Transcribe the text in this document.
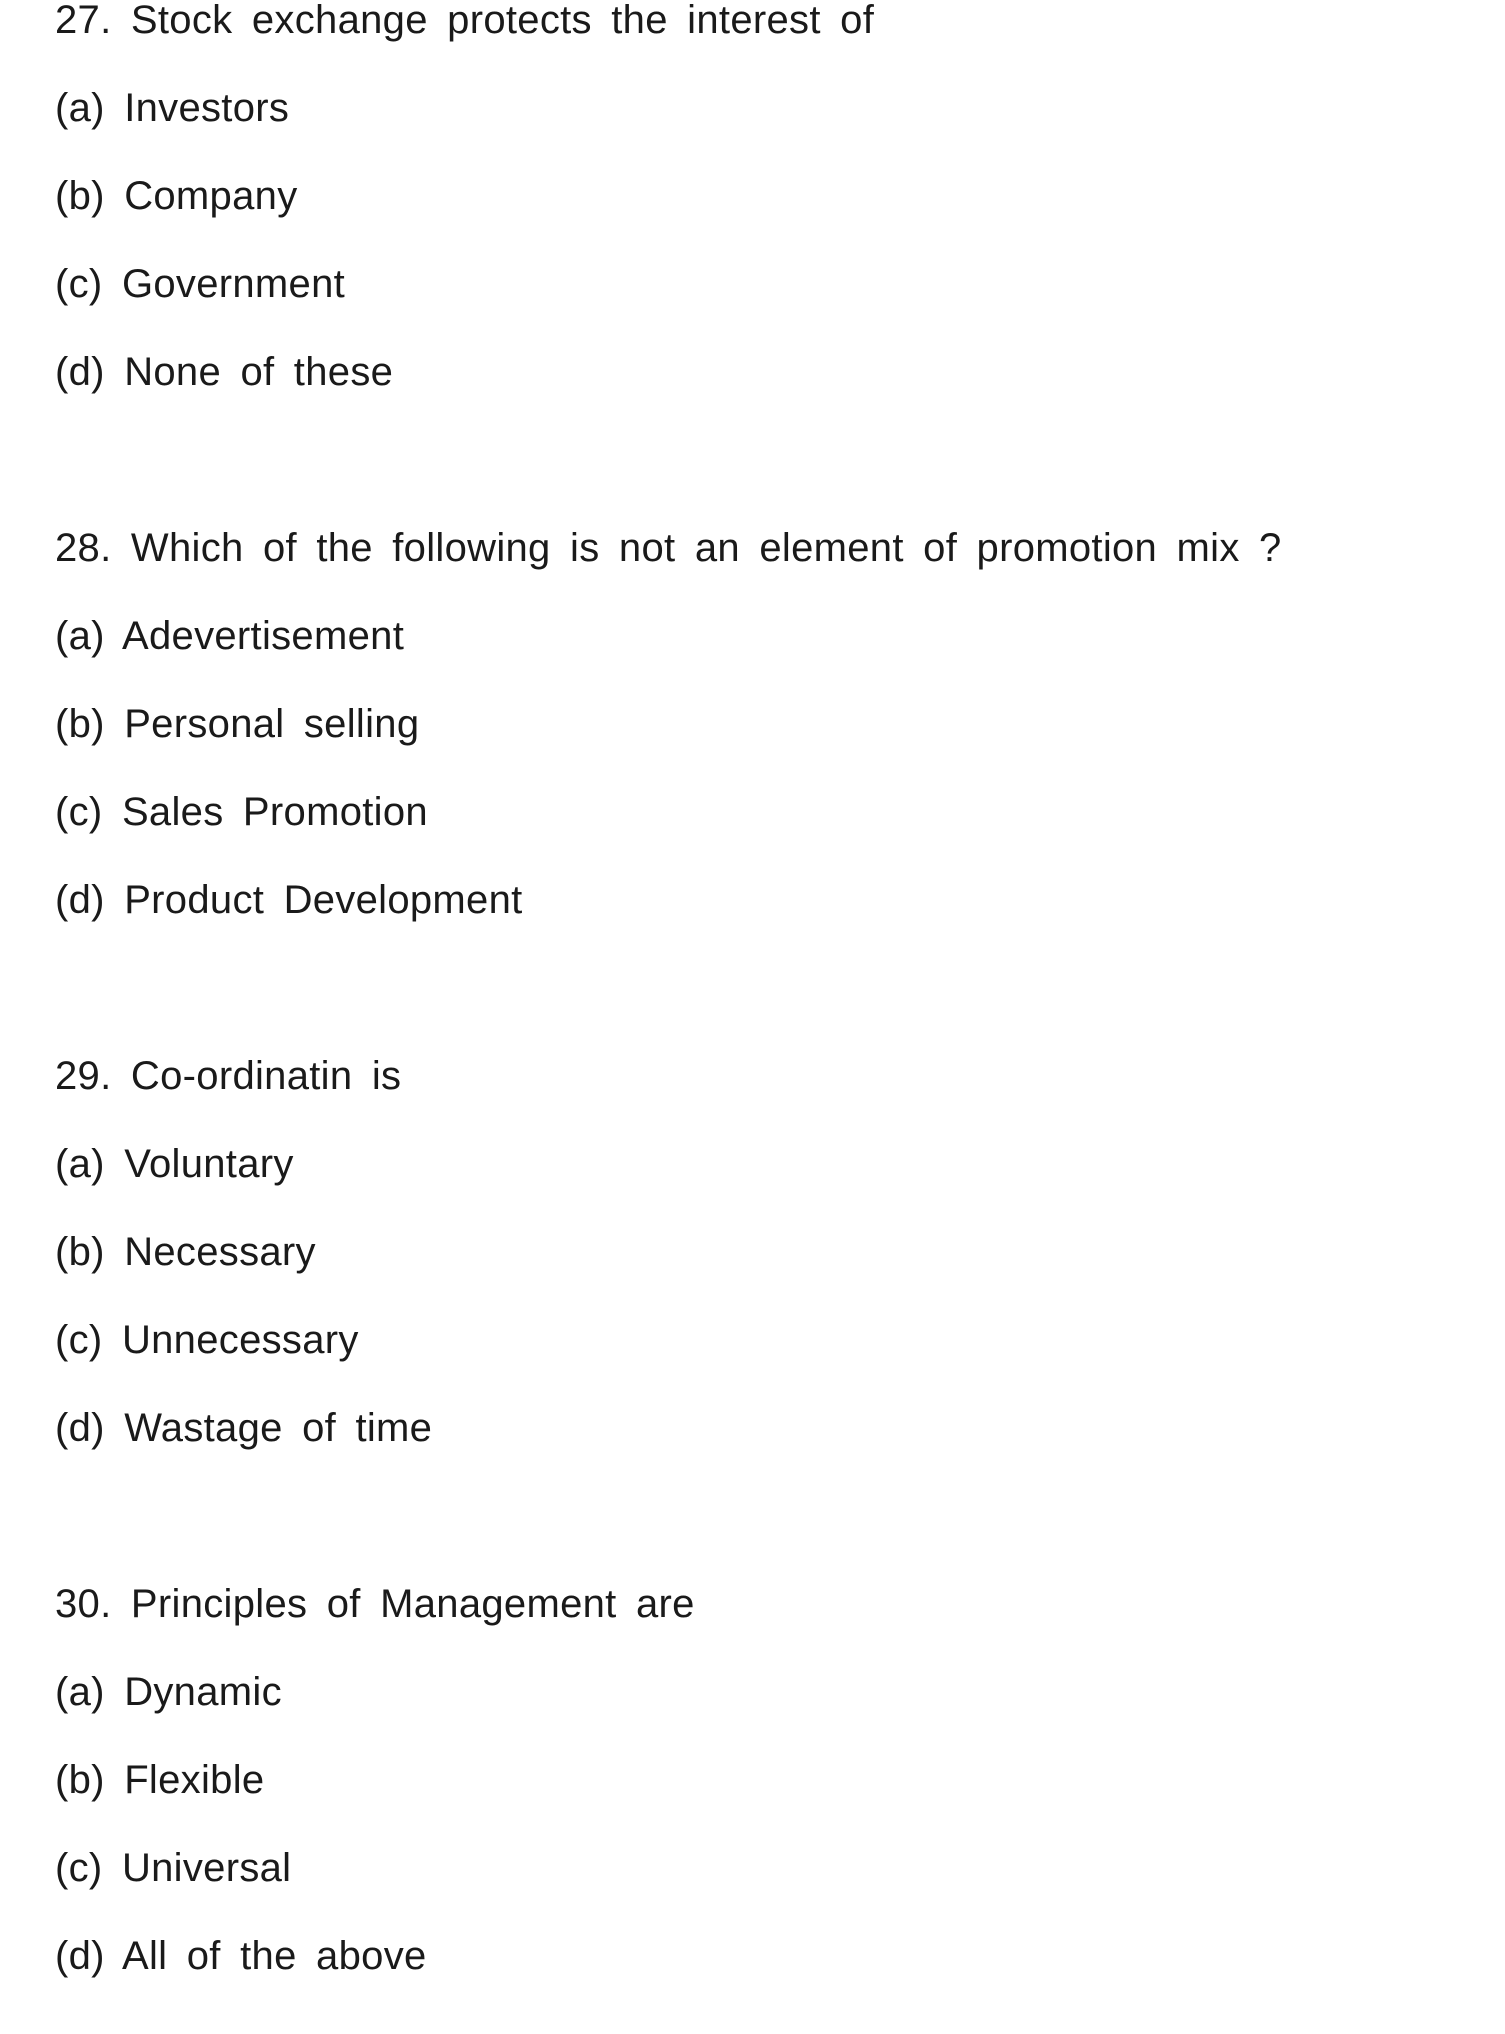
27. Stock exchange protects the interest of
(a) Investors
(b) Company
(c) Government
(d) None of these
28. Which of the following is not an element of promotion mix ?
(a) Adevertisement
(b) Personal selling
(c) Sales Promotion
(d) Product Development
29. Co-ordinatin is
(a) Voluntary
(b) Necessary
(c) Unnecessary
(d) Wastage of time
30. Principles of Management are
(a) Dynamic
(b) Flexible
(c) Universal
(d) All of the above
